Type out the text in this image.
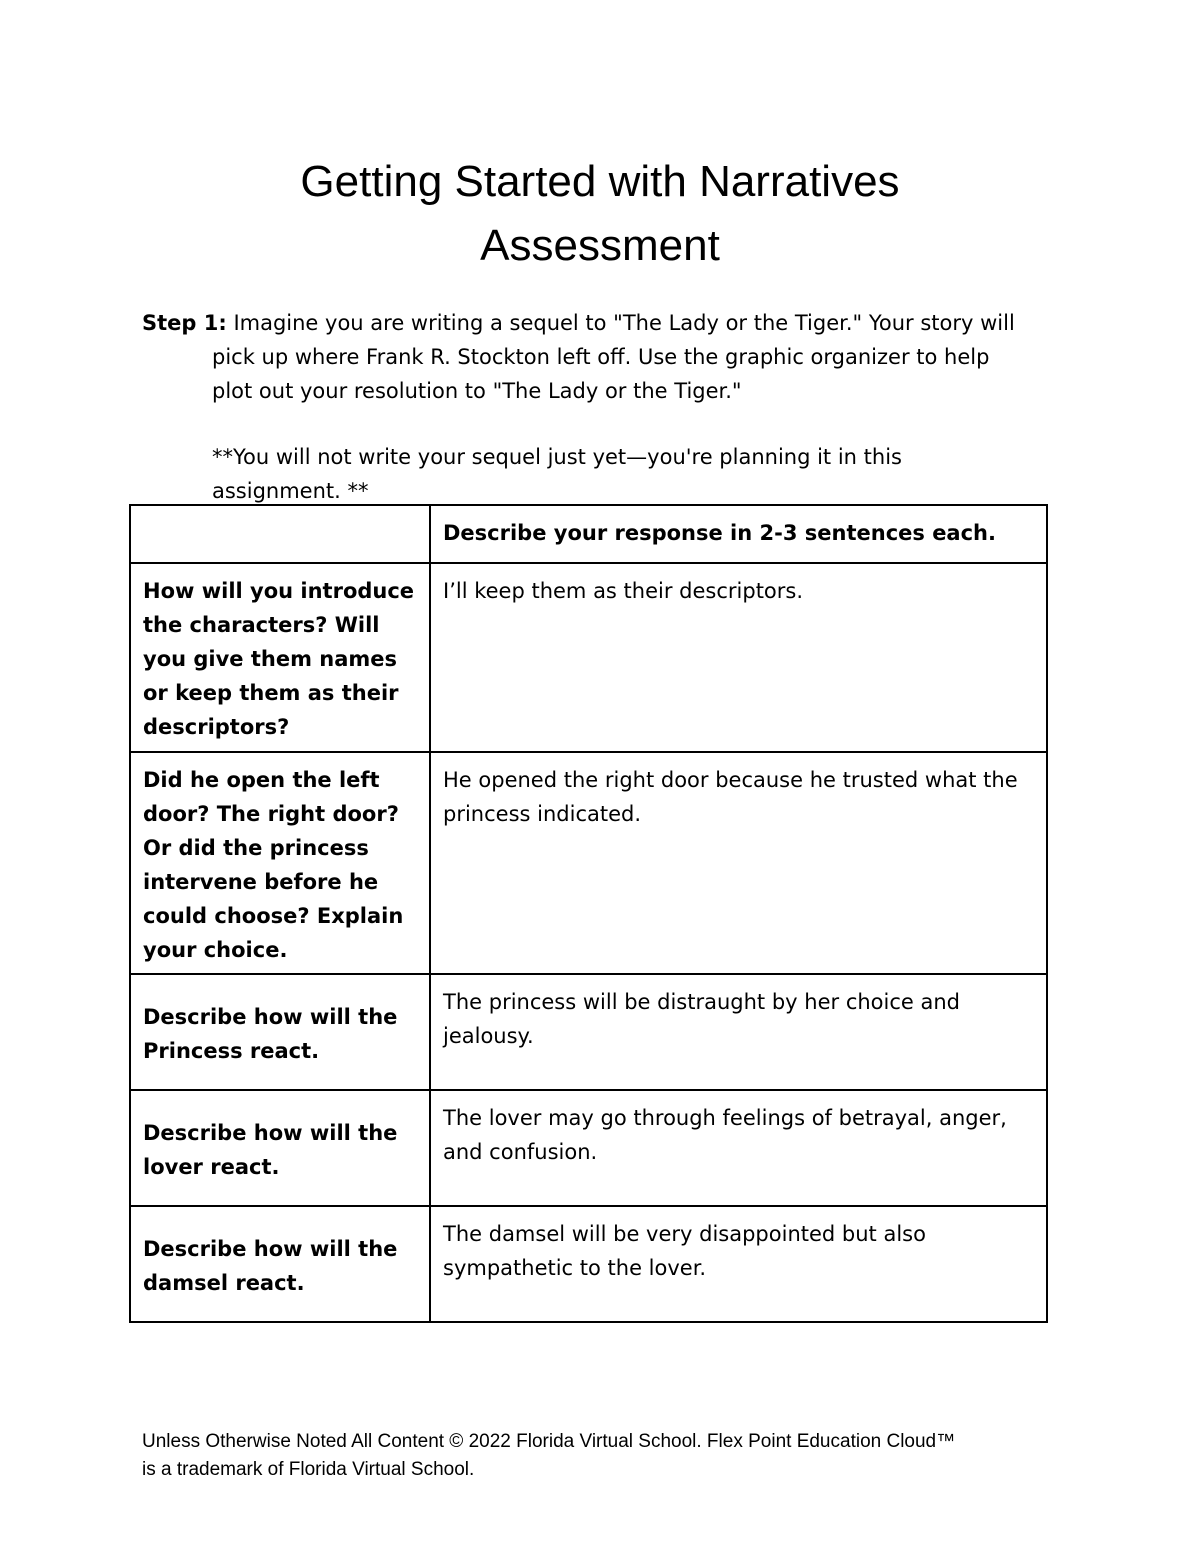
Getting Started with Narratives
Assessment
Step 1: Imagine you are writing a sequel to "The Lady or the Tiger." Your story will
pick up where Frank R. Stockton left off. Use the graphic organizer to help
plot out your resolution to "The Lady or the Tiger."
**You will not write your sequel just yet—you're planning it in this
assignment. **
	Describe your response in 2-3 sentences each.
How will you introduce the characters? Will you give them names or keep them as their descriptors?	I’ll keep them as their descriptors.
Did he open the left door? The right door? Or did the princess intervene before he could choose? Explain your choice.	He opened the right door because he trusted what the princess indicated.
Describe how will the Princess react.	The princess will be distraught by her choice and jealousy.
Describe how will the lover react.	The lover may go through feelings of betrayal, anger, and confusion.
Describe how will the damsel react.	The damsel will be very disappointed but also sympathetic to the lover.
Unless Otherwise Noted All Content © 2022 Florida Virtual School. Flex Point Education Cloud™
is a trademark of Florida Virtual School.
